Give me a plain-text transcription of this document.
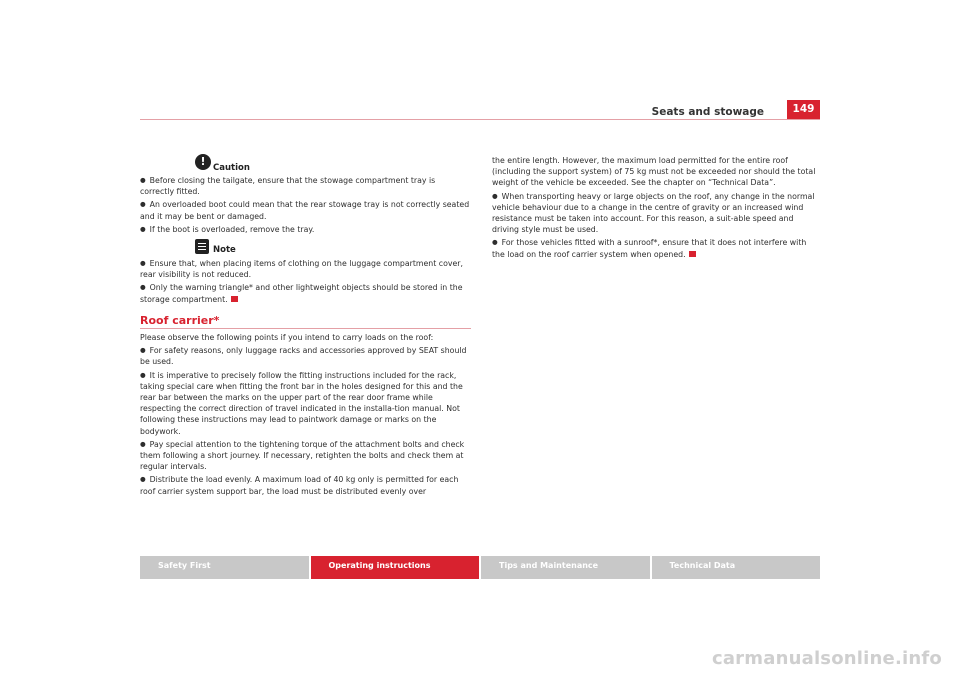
Seats and stowage	149
!
Caution

● Before closing the tailgate, ensure that the stowage compartment tray is correctly fitted.

● An overloaded boot could mean that the rear stowage tray is not correctly seated and it may be bent or damaged.

● If the boot is overloaded, remove the tray.

Note

● Ensure that, when placing items of clothing on the luggage compartment cover, rear visibility is not reduced.

● Only the warning triangle* and other lightweight objects should be stored in the storage compartment.

Roof carrier*

Please observe the following points if you intend to carry loads on the roof:

● For safety reasons, only luggage racks and accessories approved by SEAT should be used.

● It is imperative to precisely follow the fitting instructions included for the rack, taking special care when fitting the front bar in the holes designed for this and the rear bar between the marks on the upper part of the rear door frame while respecting the correct direction of travel indicated in the installa-tion manual. Not following these instructions may lead to paintwork damage or marks on the bodywork.

● Pay special attention to the tightening torque of the attachment bolts and check them following a short journey. If necessary, retighten the bolts and check them at regular intervals.

● Distribute the load evenly. A maximum load of 40 kg only is permitted for each roof carrier system support bar, the load must be distributed evenly over

the entire length. However, the maximum load permitted for the entire roof (including the support system) of 75 kg must not be exceeded nor should the total weight of the vehicle be exceeded. See the chapter on “Technical Data”.

● When transporting heavy or large objects on the roof, any change in the normal vehicle behaviour due to a change in the centre of gravity or an increased wind resistance must be taken into account. For this reason, a suit-able speed and driving style must be used.

● For those vehicles fitted with a sunroof*, ensure that it does not interfere with the load on the roof carrier system when opened.

Safety First	Operating instructions	Tips and Maintenance	Technical Data
carmanualsonline.info
